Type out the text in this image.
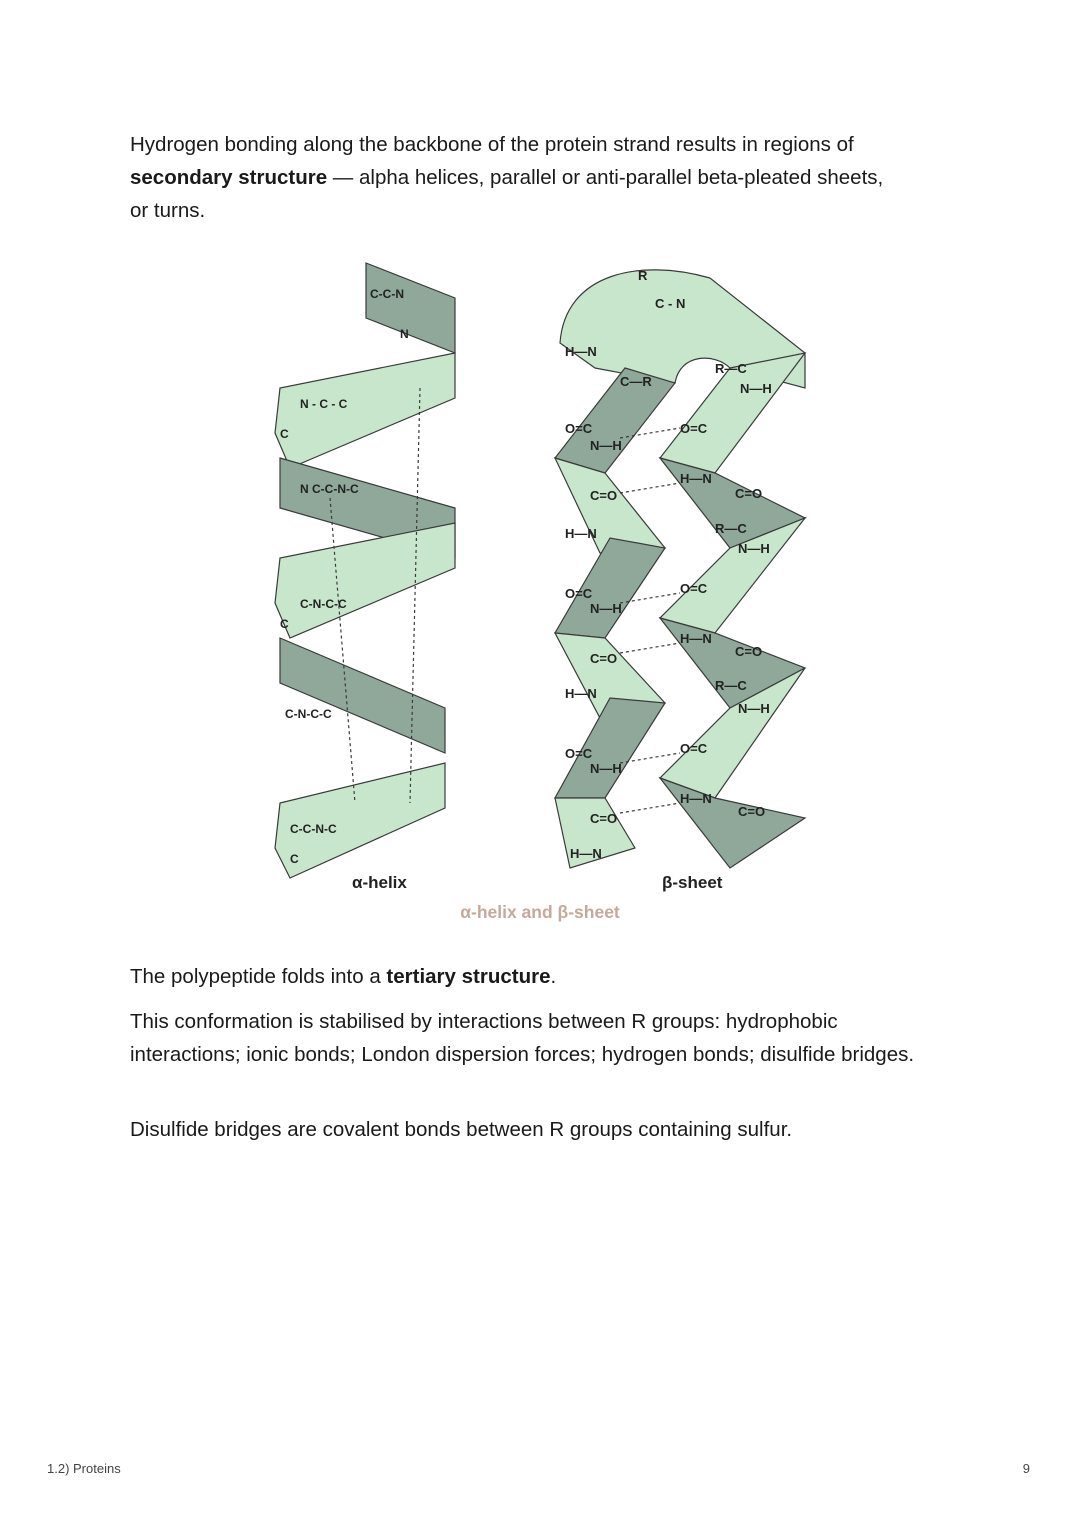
Hydrogen bonding along the backbone of the protein strand results in regions of
secondary structure — alpha helices, parallel or anti-parallel beta-pleated sheets,
or turns.

C-C-N
N
N - C - C
C
N C-C-N-C
C-N-C-C
C
C-N-C-C
C-C-N-C
C
α-helix
R
C - N
H—N
C—R
O=C
N—H
C=O
H—N
O=C
N—H
C=O
H—N
O=C
N—H
C=O
H—N
R—C
N—H
O=C
H—N
C=O
R—C
N—H
O=C
H—N
C=O
R—C
N—H
O=C
H—N
C=O
β-sheet
α-helix and β-sheet

The polypeptide folds into a tertiary structure.

This conformation is stabilised by interactions between R groups: hydrophobic interactions; ionic bonds; London dispersion forces; hydrogen bonds; disulfide bridges.

Disulfide bridges are covalent bonds between R groups containing sulfur.

1.2) Proteins	9
